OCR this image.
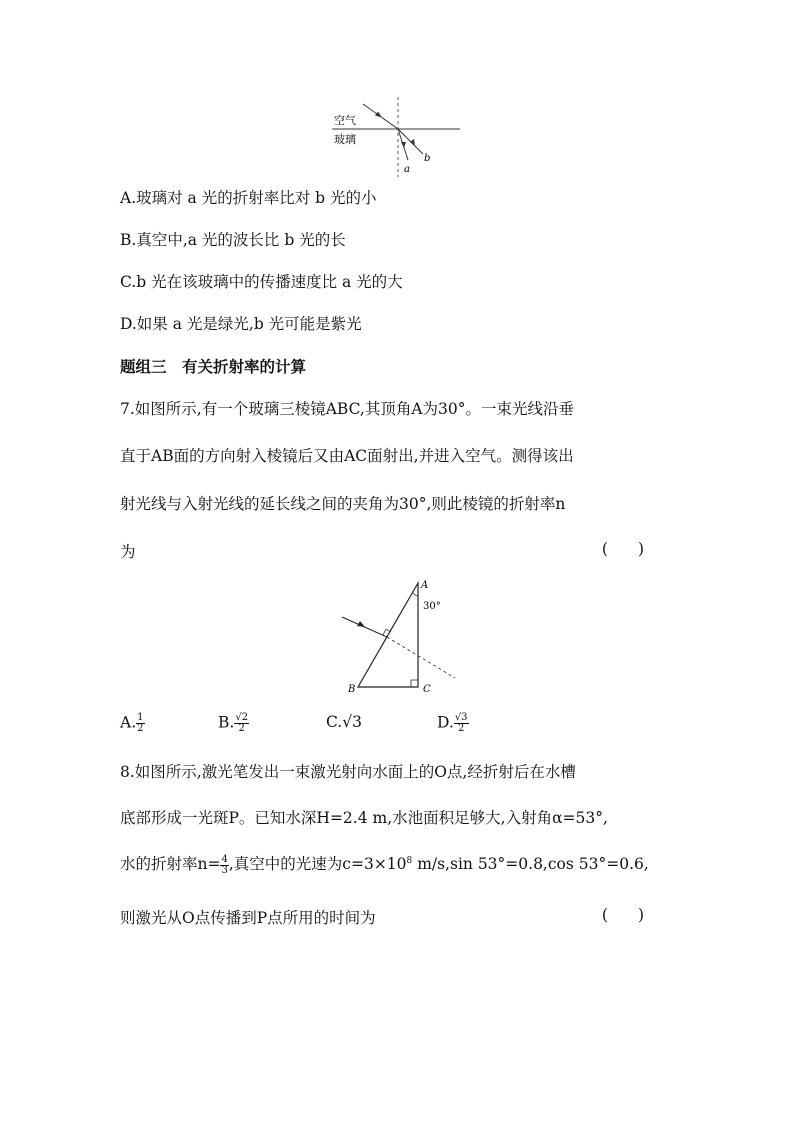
空气
玻璃
a
b
A.玻璃对 a 光的折射率比对 b 光的小
B.真空中,a 光的波长比 b 光的长
C.b 光在该玻璃中的传播速度比 a 光的大
D.如果 a 光是绿光,b 光可能是紫光
题组三　有关折射率的计算
7.如图所示,有一个玻璃三棱镜ABC,其顶角A为30°。一束光线沿垂
直于AB面的方向射入棱镜后又由AC面射出,并进入空气。测得该出
射光线与入射光线的延长线之间的夹角为30°,则此棱镜的折射率n
为	()
A
30°
B	C
A. $\frac{1}{2}$	B. $\frac{√2}{2}$	C.√3	D. $\frac{√3}{2}$
8.如图所示,激光笔发出一束激光射向水面上的O点,经折射后在水槽
底部形成一光斑P。已知水深H=2.4 m,水池面积足够大,入射角α=53°,
水的折射率$n= \frac{4}{3}$ ,真空中的光速为$c=3\times 10^8$ m/s,sin 53°=0.8,cos 53°=0.6,
则激光从O点传播到P点所用的时间为	()
